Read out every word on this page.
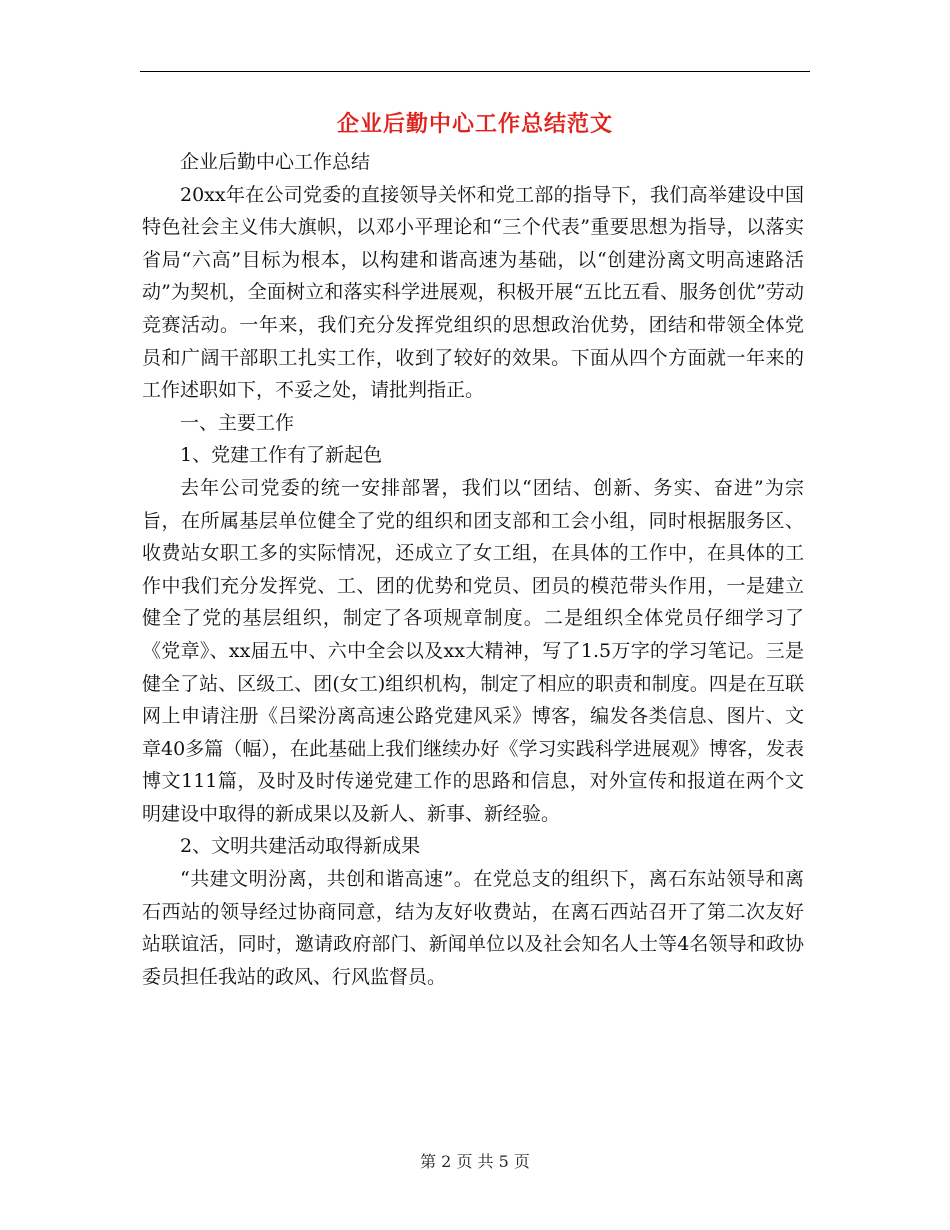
企业后勤中心工作总结范文

企业后勤中心工作总结

20xx年在公司党委的直接领导关怀和党工部的指导下，我们高举建设中国特色社会主义伟大旗帜，以邓小平理论和“三个代表”重要思想为指导，以落实省局“六高”目标为根本，以构建和谐高速为基础，以“创建汾离文明高速路活动”为契机，全面树立和落实科学进展观，积极开展“五比五看、服务创优”劳动竞赛活动。一年来，我们充分发挥党组织的思想政治优势，团结和带领全体党员和广阔干部职工扎实工作，收到了较好的效果。下面从四个方面就一年来的工作述职如下，不妥之处，请批判指正。

一、主要工作

1、党建工作有了新起色

去年公司党委的统一安排部署，我们以“团结、创新、务实、奋进”为宗旨，在所属基层单位健全了党的组织和团支部和工会小组，同时根据服务区、收费站女职工多的实际情况，还成立了女工组，在具体的工作中，在具体的工作中我们充分发挥党、工、团的优势和党员、团员的模范带头作用，一是建立健全了党的基层组织，制定了各项规章制度。二是组织全体党员仔细学习了《党章》、xx届五中、六中全会以及xx大精神，写了1.5万字的学习笔记。三是健全了站、区级工、团(女工)组织机构，制定了相应的职责和制度。四是在互联网上申请注册《吕梁汾离高速公路党建风采》博客，编发各类信息、图片、文章40多篇（幅），在此基础上我们继续办好《学习实践科学进展观》博客，发表博文111篇，及时及时传递党建工作的思路和信息，对外宣传和报道在两个文明建设中取得的新成果以及新人、新事、新经验。

2、文明共建活动取得新成果

“共建文明汾离，共创和谐高速”。在党总支的组织下，离石东站领导和离石西站的领导经过协商同意，结为友好收费站，在离石西站召开了第二次友好站联谊活，同时，邀请政府部门、新闻单位以及社会知名人士等4名领导和政协委员担任我站的政风、行风监督员。

第 2 页 共 5 页
